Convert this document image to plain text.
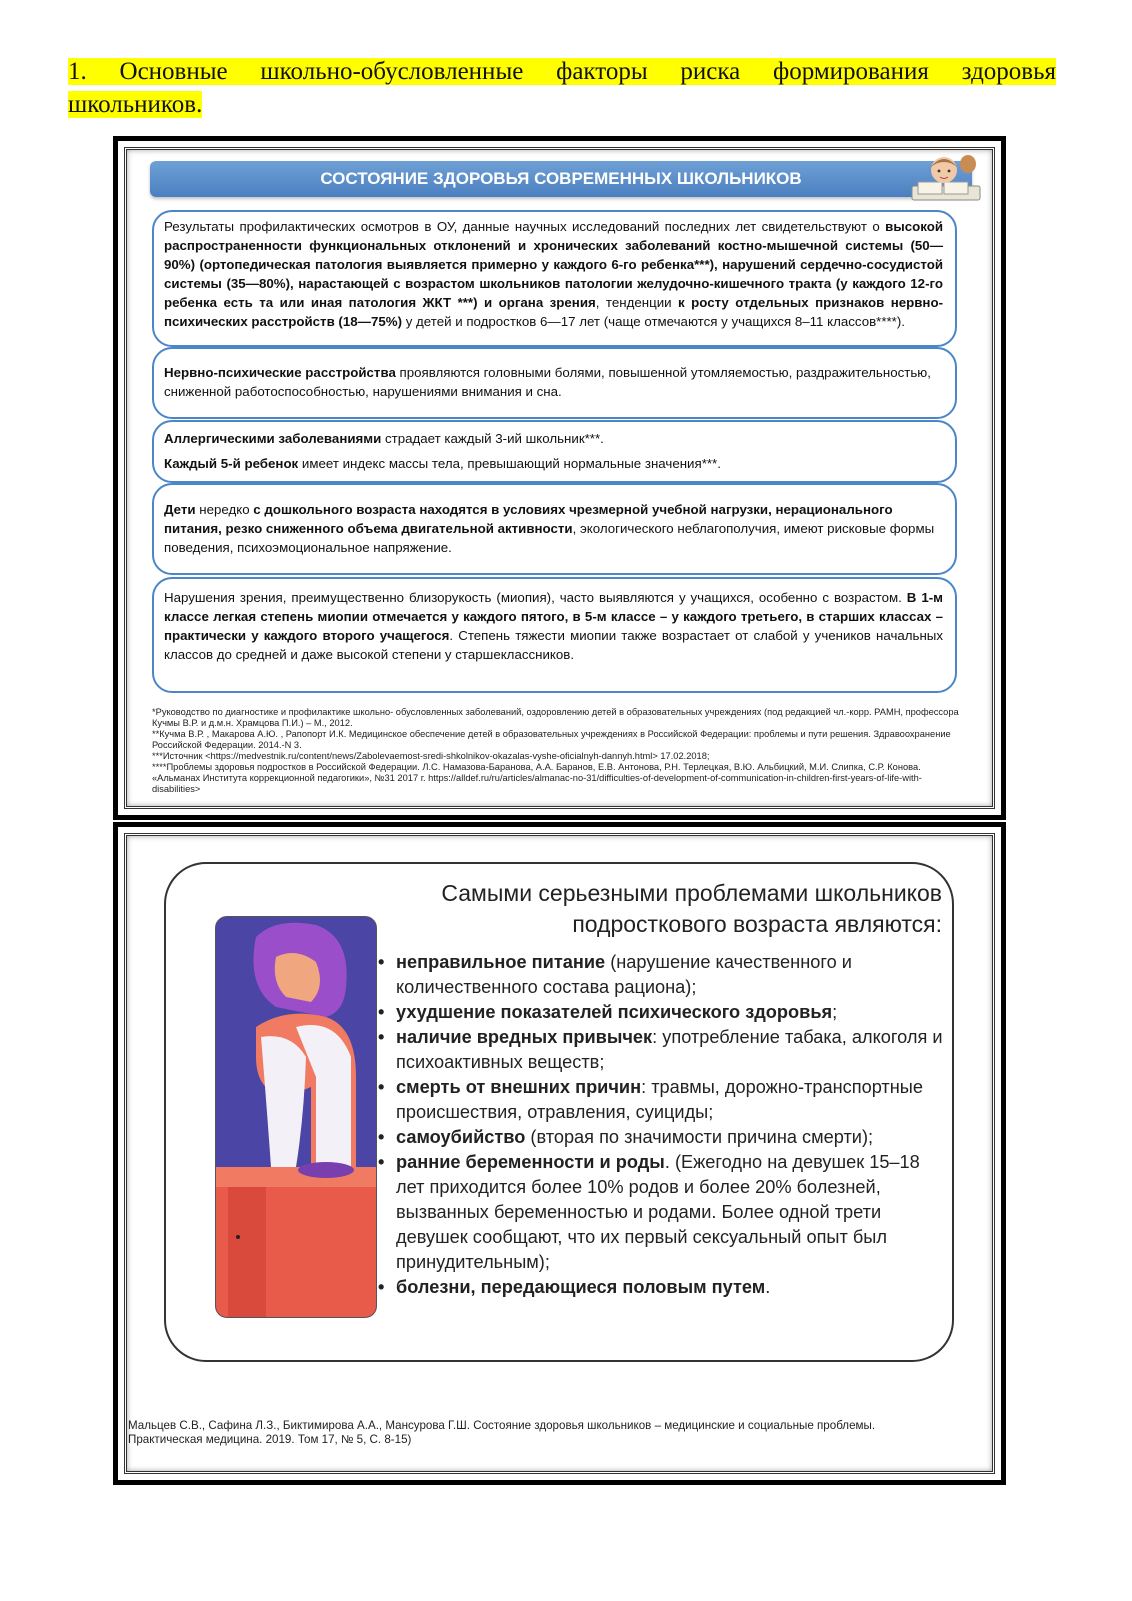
1. Основные школьно-обусловленные факторы риска формирования здоровья
школьников.
СОСТОЯНИЕ ЗДОРОВЬЯ СОВРЕМЕННЫХ ШКОЛЬНИКОВ

Результаты профилактических осмотров в ОУ, данные научных исследований последних лет свидетельствуют о высокой распространенности функциональных отклонений и хронических заболеваний костно-мышечной системы (50—90%) (ортопедическая патология выявляется примерно у каждого 6-го ребенка***), нарушений сердечно-сосудистой системы (35—80%), нарастающей с возрастом школьников патологии желудочно-кишечного тракта (у каждого 12-го ребенка есть та или иная патология ЖКТ ***) и органа зрения, тенденции к росту отдельных признаков нервно-психических расстройств (18—75%) у детей и подростков 6—17 лет (чаще отмечаются у учащихся 8–11 классов****).

Нервно-психические расстройства проявляются головными болями, повышенной утомляемостью, раздражительностью, сниженной работоспособностью, нарушениями внимания и сна.

Аллергическими заболеваниями страдает каждый 3-ий школьник***.

Каждый 5-й ребенок имеет индекс массы тела, превышающий нормальные значения***.

Дети нередко с дошкольного возраста находятся в условиях чрезмерной учебной нагрузки, нерационального питания, резко сниженного объема двигательной активности, экологического неблагополучия, имеют рисковые формы поведения, психоэмоциональное напряжение.

Нарушения зрения, преимущественно близорукость (миопия), часто выявляются у учащихся, особенно с возрастом. В 1-м классе легкая степень миопии отмечается у каждого пятого, в 5-м классе – у каждого третьего, в старших классах – практически у каждого второго учащегося. Степень тяжести миопии также возрастает от слабой у учеников начальных классов до средней и даже высокой степени у старшеклассников.

*Руководство по диагностике и профилактике школьно- обусловленных заболеваний, оздоровлению детей в образовательных учреждениях (под редакцией чл.-корр. РАМН, профессора Кучмы В.Р. и д.м.н. Храмцова П.И.) – М., 2012.

**Кучма В.Р. , Макарова А.Ю. , Рапопорт И.К. Медицинское обеспечение детей в образовательных учреждениях в Российской Федерации: проблемы и пути решения. Здравоохранение Российской Федерации. 2014.-N 3.

***Источник <https://medvestnik.ru/content/news/Zabolevaemost-sredi-shkolnikov-okazalas-vyshe-oficialnyh-dannyh.html> 17.02.2018;

****Проблемы здоровья подростков в Российской Федерации. Л.С. Намазова-Баранова, А.А. Баранов, Е.В. Антонова, Р.Н. Терлецкая, В.Ю. Альбицкий, М.И. Слипка, С.Р. Конова. «Альманах Института коррекционной педагогики», №31 2017 г. https://alldef.ru/ru/articles/almanac-no-31/difficulties-of-development-of-communication-in-children-first-years-of-life-with-disabilities>

Самыми серьезными проблемами школьников подросткового возраста являются:
• неправильное питание (нарушение качественного и количественного состава рациона);
• ухудшение показателей психического здоровья;
• наличие вредных привычек: употребление табака, алкоголя и психоактивных веществ;
• смерть от внешних причин: травмы, дорожно-транспортные происшествия, отравления, суициды;
• самоубийство (вторая по значимости причина смерти);
• ранние беременности и роды. (Ежегодно на девушек 15–18 лет приходится более 10% родов и более 20% болезней, вызванных беременностью и родами. Более одной трети девушек сообщают, что их первый сексуальный опыт был принудительным);
• болезни, передающиеся половым путем.

Мальцев С.В., Сафина Л.З., Биктимирова А.А., Мансурова Г.Ш. Состояние здоровья школьников – медицинские и социальные проблемы.

Практическая медицина. 2019. Том 17, № 5, С. 8-15)
